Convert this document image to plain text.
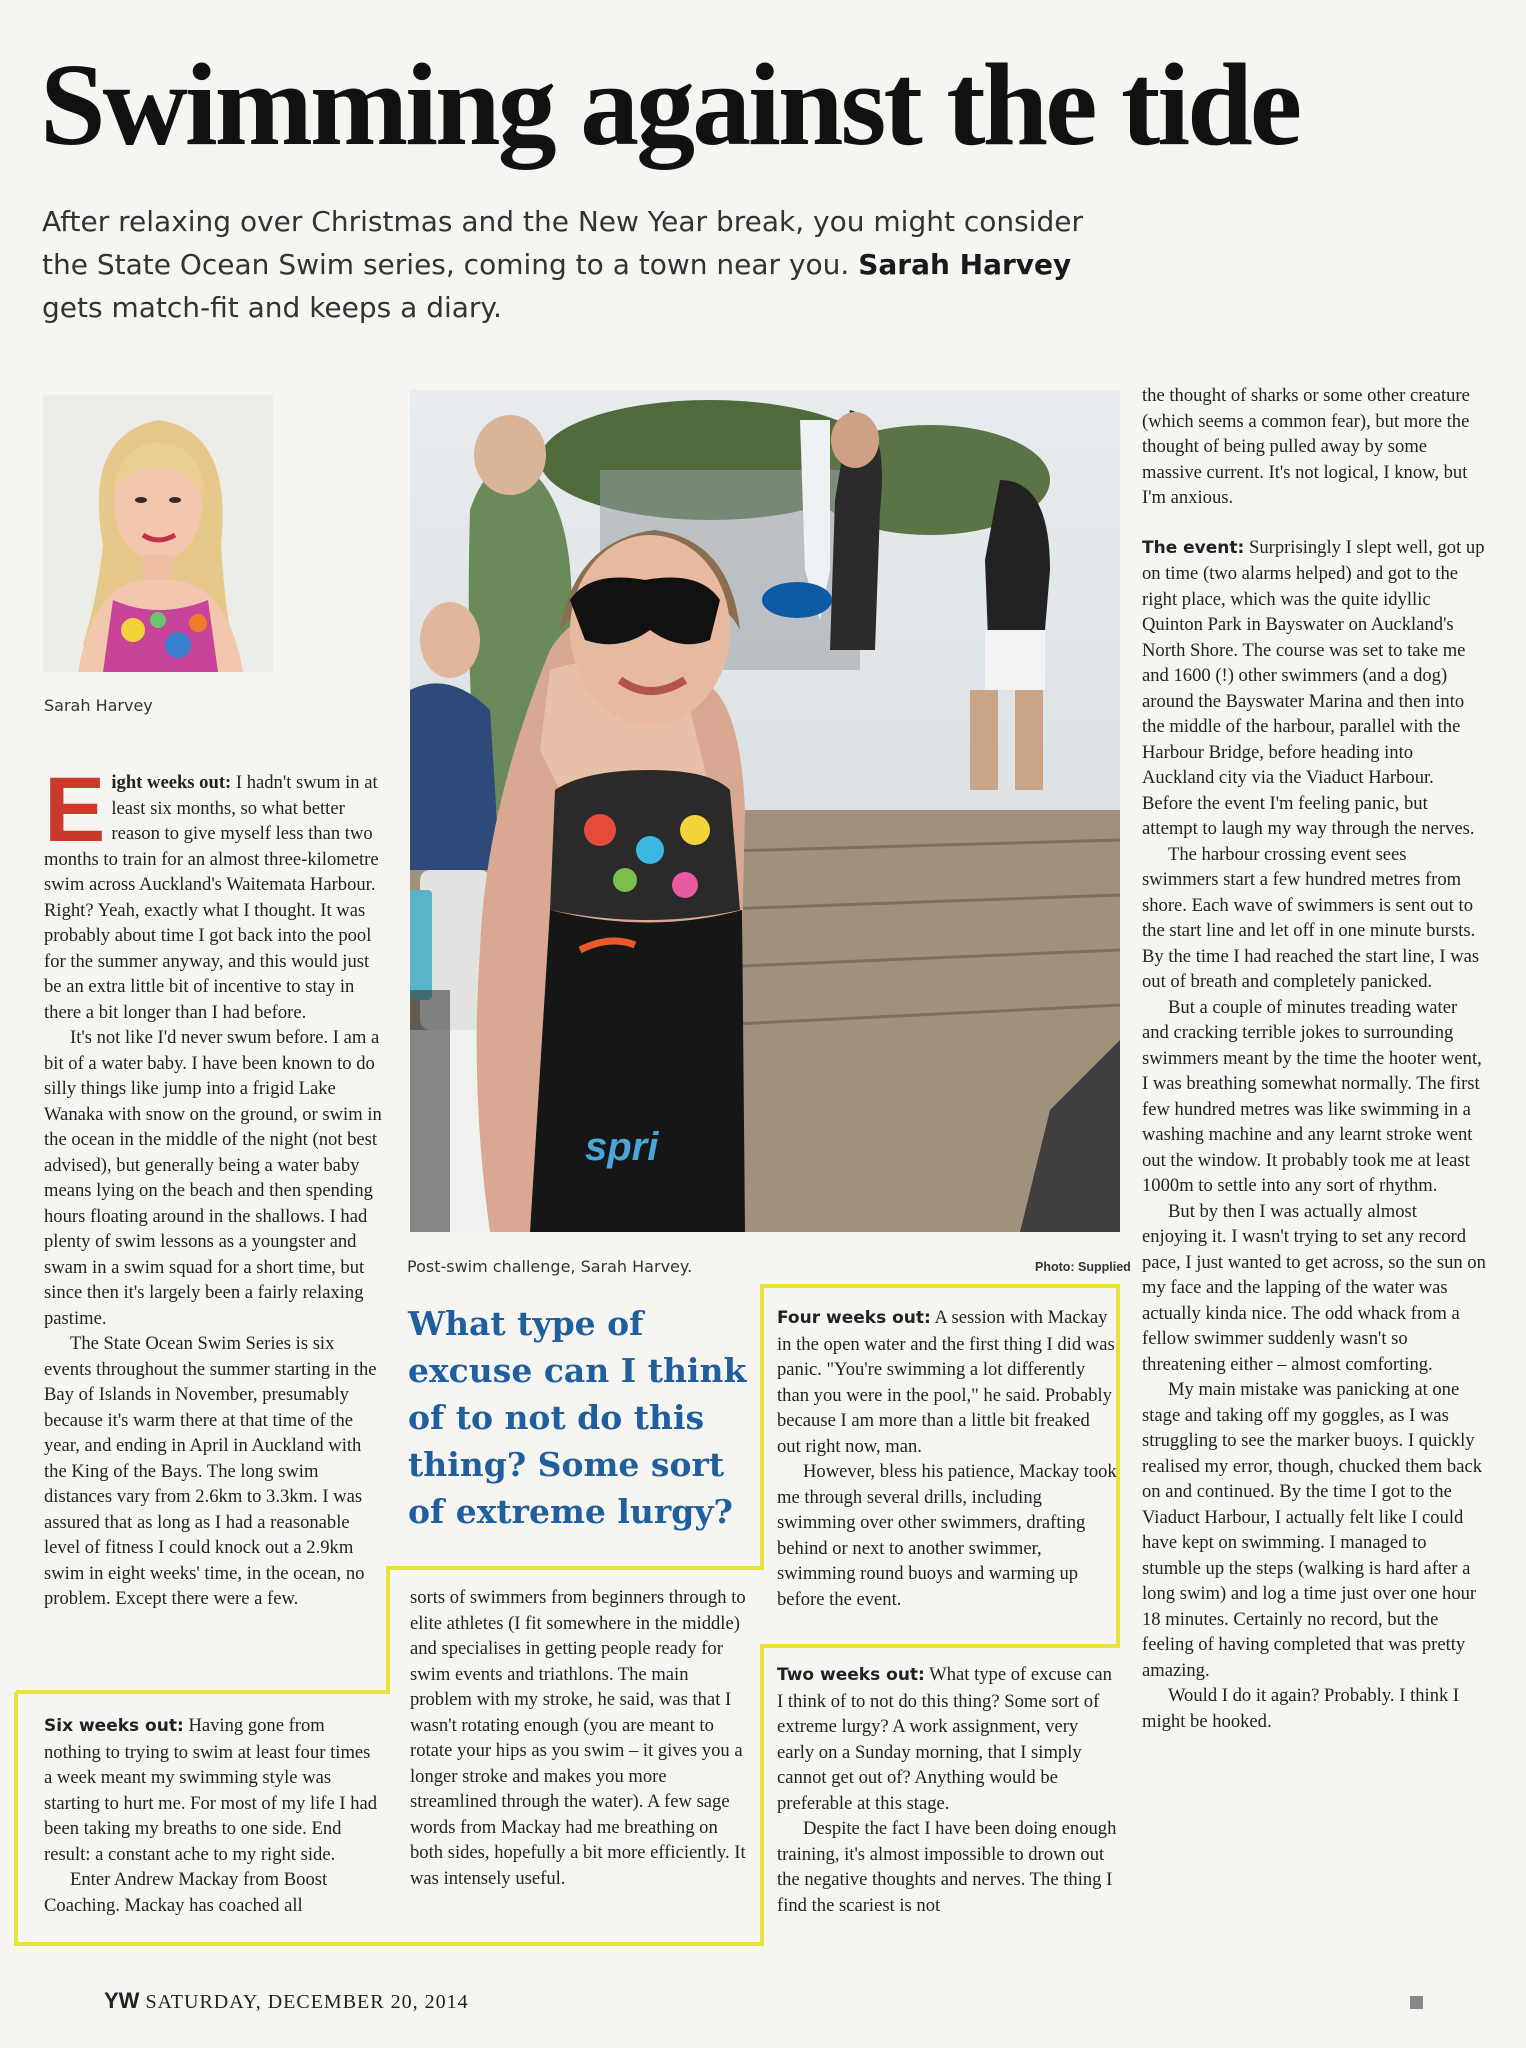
Swimming against the tide
After relaxing over Christmas and the New Year break, you might consider the State Ocean Swim series, coming to a town near you. Sarah Harvey gets match-fit and keeps a diary.
Sarah Harvey
spri
Post-swim challenge, Sarah Harvey.	Photo: Supplied
What type of excuse can I think of to not do this thing? Some sort of extreme lurgy?

Eight weeks out: I hadn't swum in at least six months, so what better reason to give myself less than two months to train for an almost three-kilometre swim across Auckland's Waitemata Harbour. Right? Yeah, exactly what I thought. It was probably about time I got back into the pool for the summer anyway, and this would just be an extra little bit of incentive to stay in there a bit longer than I had before.

It's not like I'd never swum before. I am a bit of a water baby. I have been known to do silly things like jump into a frigid Lake Wanaka with snow on the ground, or swim in the ocean in the middle of the night (not best advised), but generally being a water baby means lying on the beach and then spending hours floating around in the shallows. I had plenty of swim lessons as a youngster and swam in a swim squad for a short time, but since then it's largely been a fairly relaxing pastime.

The State Ocean Swim Series is six events throughout the summer starting in the Bay of Islands in November, presumably because it's warm there at that time of the year, and ending in April in Auckland with the King of the Bays. The long swim distances vary from 2.6km to 3.3km. I was assured that as long as I had a reasonable level of fitness I could knock out a 2.9km swim in eight weeks' time, in the ocean, no problem. Except there were a few.

Six weeks out: Having gone from nothing to trying to swim at least four times a week meant my swimming style was starting to hurt me. For most of my life I had been taking my breaths to one side. End result: a constant ache to my right side.

Enter Andrew Mackay from Boost Coaching. Mackay has coached all

sorts of swimmers from beginners through to elite athletes (I fit somewhere in the middle) and specialises in getting people ready for swim events and triathlons. The main problem with my stroke, he said, was that I wasn't rotating enough (you are meant to rotate your hips as you swim – it gives you a longer stroke and makes you more streamlined through the water). A few sage words from Mackay had me breathing on both sides, hopefully a bit more efficiently. It was intensely useful.

Four weeks out: A session with Mackay in the open water and the first thing I did was panic. "You're swimming a lot differently than you were in the pool," he said. Probably because I am more than a little bit freaked out right now, man.

However, bless his patience, Mackay took me through several drills, including swimming over other swimmers, drafting behind or next to another swimmer, swimming round buoys and warming up before the event.

Two weeks out: What type of excuse can I think of to not do this thing? Some sort of extreme lurgy? A work assignment, very early on a Sunday morning, that I simply cannot get out of? Anything would be preferable at this stage.

Despite the fact I have been doing enough training, it's almost impossible to drown out the negative thoughts and nerves. The thing I find the scariest is not

the thought of sharks or some other creature (which seems a common fear), but more the thought of being pulled away by some massive current. It's not logical, I know, but I'm anxious.

The event: Surprisingly I slept well, got up on time (two alarms helped) and got to the right place, which was the quite idyllic Quinton Park in Bayswater on Auckland's North Shore. The course was set to take me and 1600 (!) other swimmers (and a dog) around the Bayswater Marina and then into the middle of the harbour, parallel with the Harbour Bridge, before heading into Auckland city via the Viaduct Harbour. Before the event I'm feeling panic, but attempt to laugh my way through the nerves.

The harbour crossing event sees swimmers start a few hundred metres from shore. Each wave of swimmers is sent out to the start line and let off in one minute bursts. By the time I had reached the start line, I was out of breath and completely panicked.

But a couple of minutes treading water and cracking terrible jokes to surrounding swimmers meant by the time the hooter went, I was breathing somewhat normally. The first few hundred metres was like swimming in a washing machine and any learnt stroke went out the window. It probably took me at least 1000m to settle into any sort of rhythm.

But by then I was actually almost enjoying it. I wasn't trying to set any record pace, I just wanted to get across, so the sun on my face and the lapping of the water was actually kinda nice. The odd whack from a fellow swimmer suddenly wasn't so threatening either – almost comforting.

My main mistake was panicking at one stage and taking off my goggles, as I was struggling to see the marker buoys. I quickly realised my error, though, chucked them back on and continued. By the time I got to the Viaduct Harbour, I actually felt like I could have kept on swimming. I managed to stumble up the steps (walking is hard after a long swim) and log a time just over one hour 18 minutes. Certainly no record, but the feeling of having completed that was pretty amazing.

Would I do it again? Probably. I think I might be hooked.

YW SATURDAY, DECEMBER 20, 2014
